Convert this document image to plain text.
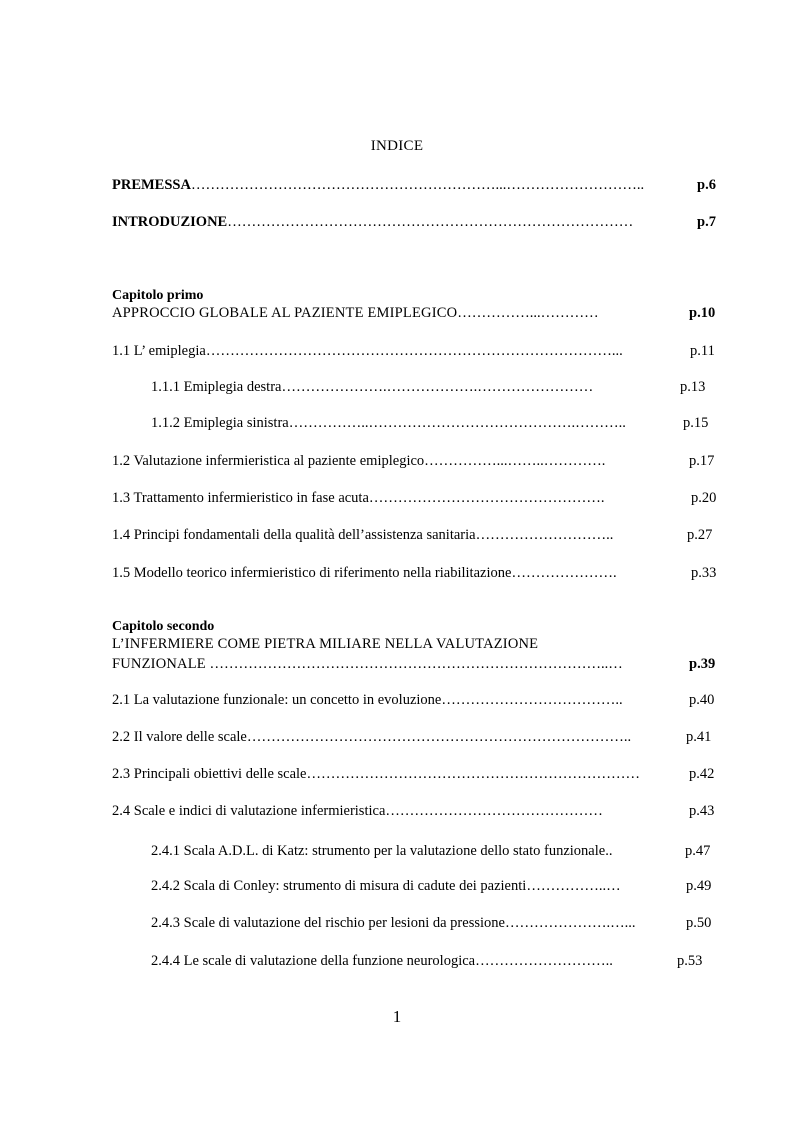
INDICE
PREMESSA………………………………………………………...………………………..	p.6
INTRODUZIONE…………………………………………………………………………	p.7
Capitolo primo
APPROCCIO GLOBALE AL PAZIENTE EMIPLEGICO……………...…………	p.10
1.1 L’ emiplegia…………………………………………………………………………...	p.11
1.1.1 Emiplegia destra………………….……………….……………………	p.13
1.1.2 Emiplegia sinistra……………..…………………………………….………..	p.15
1.2 Valutazione infermieristica al paziente emiplegico……………...……..………….	p.17
1.3 Trattamento infermieristico in fase acuta………………………………………….	p.20
1.4 Principi fondamentali della qualità dell’assistenza sanitaria………………………..	p.27
1.5 Modello teorico infermieristico di riferimento nella riabilitazione………………….	p.33
Capitolo secondo
L’INFERMIERE COME PIETRA MILIARE NELLA VALUTAZIONE
FUNZIONALE ………………………………………………………………………..…	p.39
2.1 La valutazione funzionale: un concetto in evoluzione………………………………..	p.40
2.2 Il valore delle scale……………………………………………………………………..	p.41
2.3 Principali obiettivi delle scale……………………………………………………………	p.42
2.4 Scale e indici di valutazione infermieristica………………………………………	p.43
2.4.1 Scala A.D.L. di Katz: strumento per la valutazione dello stato funzionale..	p.47
2.4.2 Scala di Conley: strumento di misura di cadute dei pazienti……………..…	p.49
2.4.3 Scale di valutazione del rischio per lesioni da pressione………………….…...	p.50
2.4.4 Le scale di valutazione della funzione neurologica………………………..	p.53
1
